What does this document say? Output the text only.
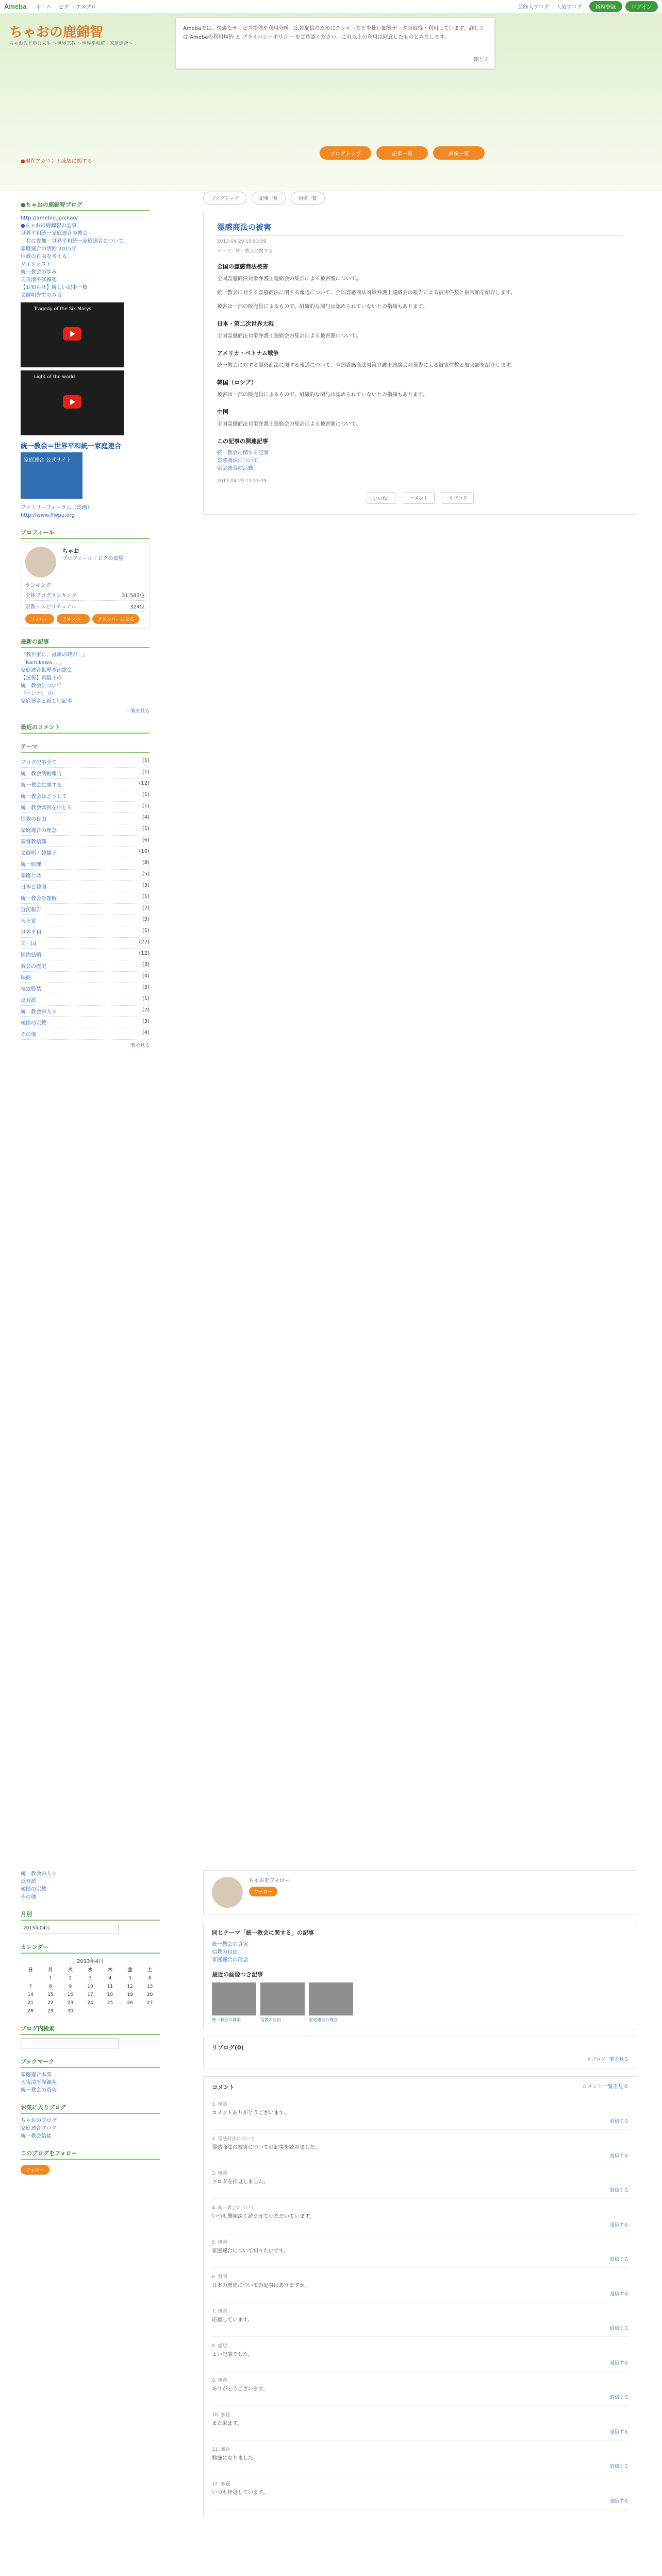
Ameba ホーム ピグ アメブロ	芸能人ブログ 人気ブログ	新規登録	ログイン
ちゃおの鹿錦智
ちゃお氏と歩む人生 ～世界宗教 ～世界平和統一家庭連合～
Amebaでは、快適なサービス提供や利用分析、広告配信のためにクッキーなどを使い閲覧データの取得・利用しています。詳しくは Amebaの利用規約 と プライバシーポリシー をご確認ください。これ以上の利用は同意したものとみなします。
閉じる
ブログトップ	記事一覧	画像一覧
●現在アカウント凍結に関する
●ちゃおの鹿錦智ブログ
http://ameblo.jp/chao/
●ちゃおの鹿錦智の記事
世界平和統一家庭連合の教会
「共に参加」世界平和統一家庭連合について
家庭連合の活動 2015年
信教の自由を考える
ダイジェスト
統一教会の歩み
天宙清平修錬苑
【お知らせ】新しい記事一覧
文鮮明先生のみ言
Tragedy of the Six Marys
Light of the world
統一教会＝世界平和統一家庭連合
家庭連合 公式サイト
ファミリーフォーラム（動画）
http://www.ffwpu.org
プロフィール

ちゃお
プロフィール｜ピグの部屋
ランキング
全体ブログランキング	31,583位
宗教・スピリチュアル	324位
フォロー	アメンバー	アメンバーになる
最新の記事
『我が家に、最新の時が…』
「Kamikawa ...」
家庭連合世界本部総会
【速報】再臨主の
統一教会について
『ハンナ』 の
家庭連合と新しい記事
一覧を見る
最近のコメント
テーマ
ブログ記事全て	(1)
統一教会活動報告	(1)
統一教会に関する	(12)
統一教会はどうして	(1)
統一教会は何を信じる	(1)
信教の自由	(4)
家庭連合の理念	(1)
基督教信仰	(6)
文鮮明・韓鶴子	(10)
統一原理	(8)
家庭とは	(5)
日本と韓国	(3)
統一教会を理解	(1)
近況報告	(2)
天正宮	(3)
世界平和	(1)
天一国	(22)
国際結婚	(12)
教会の歴史	(3)
映画	(4)
拉致監禁	(3)
反対派	(1)
統一教会の人々	(2)
韓国の宗教	(3)
その他	(4)
一覧を見る
ブログトップ	記事一覧	画像一覧
霊感商法の被害
2013-04-29 15:53:09
テーマ：統一教会に関する
全国の霊感商法被害

全国霊感商法対策弁護士連絡会の集計による被害額について。

統一教会に対する霊感商法に関する報道について、全国霊感商法対策弁護士連絡会の報告による被害件数と被害額を紹介します。

被害は一部の販売員によるもので、組織的な関与は認められていないとの指摘もあります。

日本・第二次世界大戦

全国霊感商法対策弁護士連絡会の集計による被害額について。

アメリカ・ベトナム戦争

統一教会に対する霊感商法に関する報道について、全国霊感商法対策弁護士連絡会の報告による被害件数と被害額を紹介します。

韓国（ロシア）

被害は一部の販売員によるもので、組織的な関与は認められていないとの指摘もあります。

中国

全国霊感商法対策弁護士連絡会の集計による被害額について。

この記事の関連記事
統一教会に関する記事
霊感商法について
家庭連合の活動
2013-04-29 15:53:09
いいね!	コメント	リブログ
統一教会の人々
反対派
韓国の宗教
その他
月別
2013年04月
カレンダー
2013年4月
日	月	火	水	木	金	土
	1	2	3	4	5	6
7	8	9	10	11	12	13
14	15	16	17	18	19	20
21	22	23	24	25	26	27
28	29	30				
ブログ内検索
ブックマーク
家庭連合本部
天宙清平修錬苑
統一教会の真実
お気に入りブログ
ちゃおのブログ
家庭連合ブログ
統一教会信徒
このブログをフォロー
フォロー

ちゃおをフォロー
フォロー
同じテーマ「統一教会に関する」の記事
統一教会の真実
信教の自由
家庭連合の理念
最近の画像つき記事
統一教会の真実	信教の自由	家庭連合の理念
リブログ(0)
リブログ一覧を見る
コメント	コメント一覧を見る
1. 無題
コメントありがとうございます。
返信する
2. 霊感商法について
霊感商法の被害についての記事を読みました。
返信する
3. 無題
ブログを拝見しました。
返信する
4. 統一教会について
いつも興味深く読ませていただいています。
返信する
5. 無題
家庭連合について知りたいです。
返信する
6. 質問
日本の歴史についての記事はありますか。
返信する
7. 無題
応援しています。
返信する
8. 感想
よい記事でした。
返信する
9. 無題
ありがとうございます。
返信する
10. 無題
また来ます。
返信する
11. 無題
勉強になりました。
返信する
12. 無題
いつも拝見しています。
返信する
